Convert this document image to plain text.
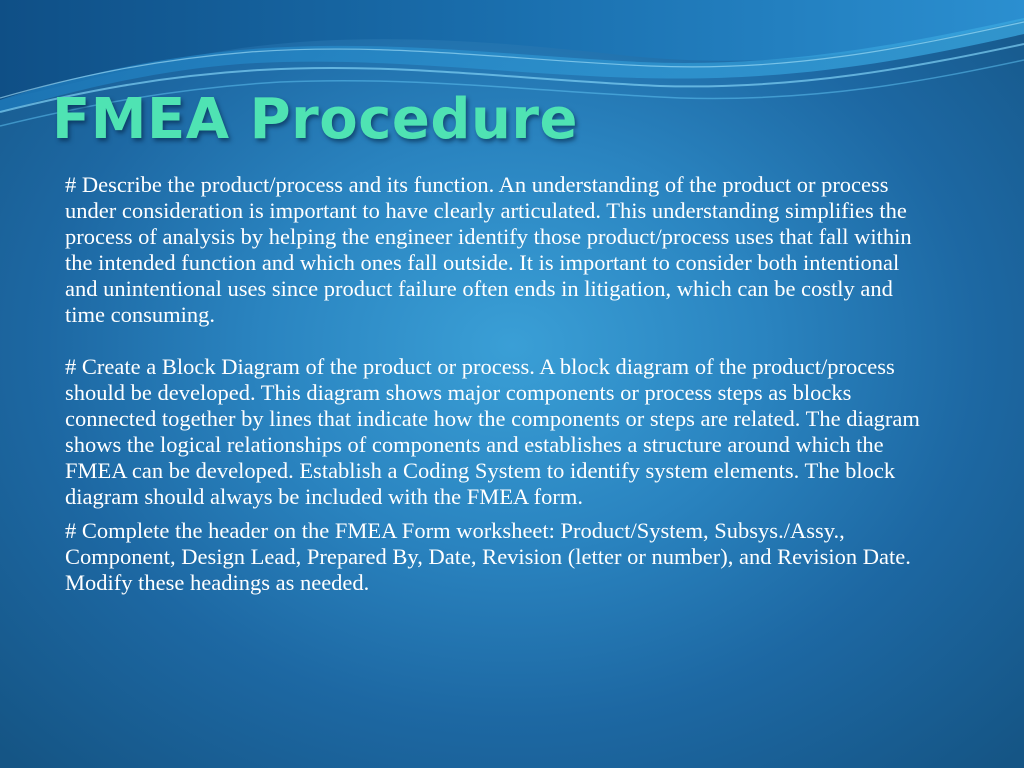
FMEA Procedure

# Describe the product/process and its function. An understanding of the product or process under consideration is important to have clearly articulated. This understanding simplifies the process of analysis by helping the engineer identify those product/process uses that fall within the intended function and which ones fall outside. It is important to consider both intentional and unintentional uses since product failure often ends in litigation, which can be costly and time consuming.

# Create a Block Diagram of the product or process. A block diagram of the product/process should be developed. This diagram shows major components or process steps as blocks connected together by lines that indicate how the components or steps are related. The diagram shows the logical relationships of components and establishes a structure around which the FMEA can be developed. Establish a Coding System to identify system elements. The block diagram should always be included with the FMEA form.

# Complete the header on the FMEA Form worksheet: Product/System, Subsys./Assy., Component, Design Lead, Prepared By, Date, Revision (letter or number), and Revision Date. Modify these headings as needed.
